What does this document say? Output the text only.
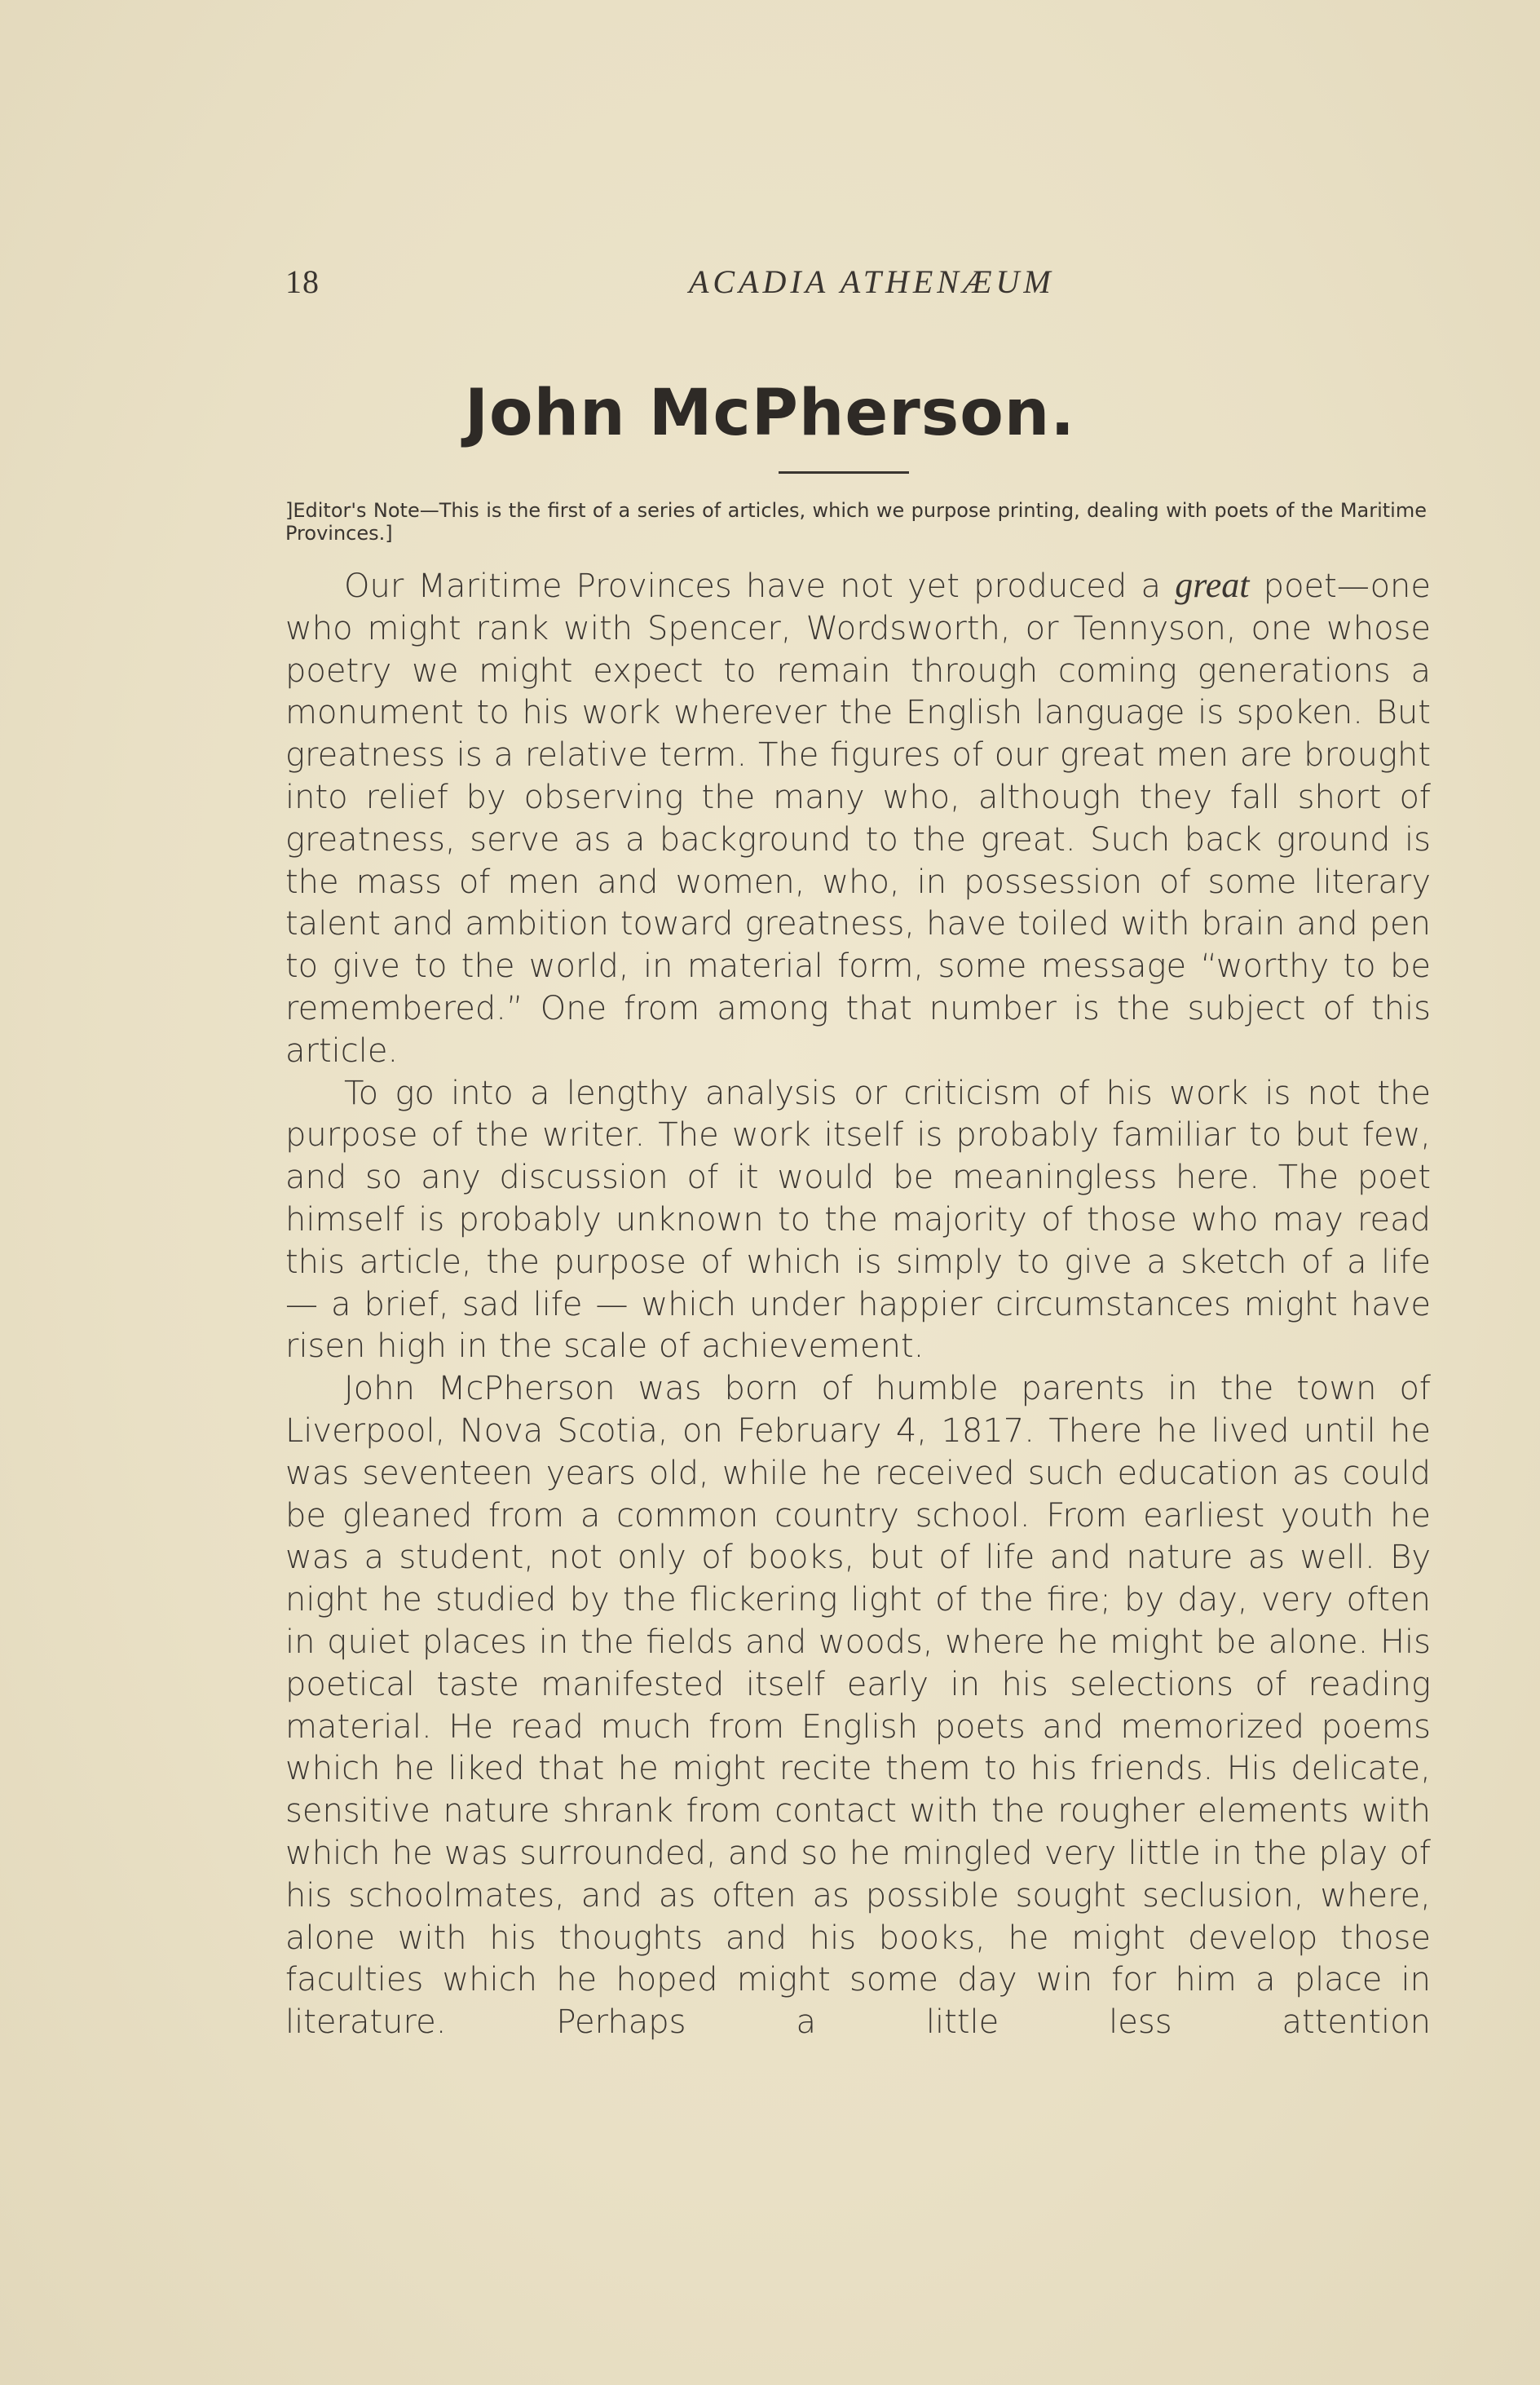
18	ACADIA ATHENÆUM
John McPherson.
]Editor's Note—This is the first of a series of articles, which we purpose printing, dealing with poets of the Maritime Provinces.]

Our Maritime Provinces have not yet produced a great poet—one who might rank with Spencer, Wordsworth, or Tennyson, one whose poetry we might expect to remain through coming generations a monument to his work wherever the English language is spoken. But greatness is a relative term. The figures of our great men are brought into relief by observing the many who, although they fall short of greatness, serve as a background to the great. Such back ground is the mass of men and women, who, in possession of some literary talent and ambition toward greatness, have toiled with brain and pen to give to the world, in material form, some message “worthy to be remembered.” One from among that number is the subject of this article.

To go into a lengthy analysis or criticism of his work is not the purpose of the writer. The work itself is probably familiar to but few, and so any discussion of it would be meaningless here. The poet himself is probably unknown to the majority of those who may read this article, the purpose of which is simply to give a sketch of a life — a brief, sad life — which under happier circumstances might have risen high in the scale of achievement.

John McPherson was born of humble parents in the town of Liverpool, Nova Scotia, on February 4, 1817. There he lived until he was seventeen years old, while he received such education as could be gleaned from a common country school. From earliest youth he was a student, not only of books, but of life and nature as well. By night he studied by the flickering light of the fire; by day, very often in quiet places in the fields and woods, where he might be alone. His poetical taste manifested itself early in his selections of reading material. He read much from English poets and memorized poems which he liked that he might recite them to his friends. His delicate, sensitive nature shrank from contact with the rougher elements with which he was surrounded, and so he mingled very little in the play of his schoolmates, and as often as possible sought seclusion, where, alone with his thoughts and his books, he might develop those faculties which he hoped might some day win for him a place in literature. Perhaps a little less attention
